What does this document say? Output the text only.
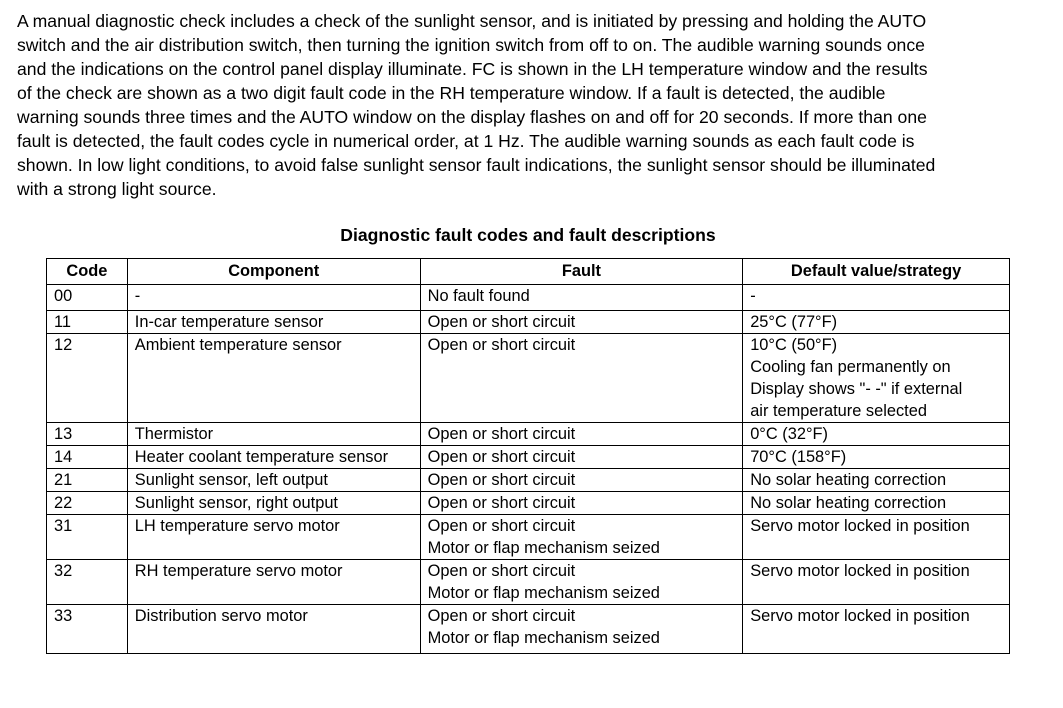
A manual diagnostic check includes a check of the sunlight sensor, and is initiated by pressing and holding the AUTO
switch and the air distribution switch, then turning the ignition switch from off to on. The audible warning sounds once
and the indications on the control panel display illuminate. FC is shown in the LH temperature window and the results
of the check are shown as a two digit fault code in the RH temperature window. If a fault is detected, the audible
warning sounds three times and the AUTO window on the display flashes on and off for 20 seconds. If more than one
fault is detected, the fault codes cycle in numerical order, at 1 Hz. The audible warning sounds as each fault code is
shown. In low light conditions, to avoid false sunlight sensor fault indications, the sunlight sensor should be illuminated
with a strong light source.

Diagnostic fault codes and fault descriptions

Code	Component	Fault	Default value/strategy
00	-	No fault found	-

11	In-car temperature sensor	Open or short circuit	25°C (77°F)

12	Ambient temperature sensor	Open or short circuit	10°C (50°F)
Cooling fan permanently on
Display shows "- -" if external
air temperature selected

13	Thermistor	Open or short circuit	0°C (32°F)

14	Heater coolant temperature sensor	Open or short circuit	70°C (158°F)

21	Sunlight sensor, left output	Open or short circuit	No solar heating correction

22	Sunlight sensor, right output	Open or short circuit	No solar heating correction

31	LH temperature servo motor	Open or short circuit
Motor or flap mechanism seized	Servo motor locked in position

32	RH temperature servo motor	Open or short circuit
Motor or flap mechanism seized	Servo motor locked in position

33	Distribution servo motor	Open or short circuit
Motor or flap mechanism seized	Servo motor locked in position
